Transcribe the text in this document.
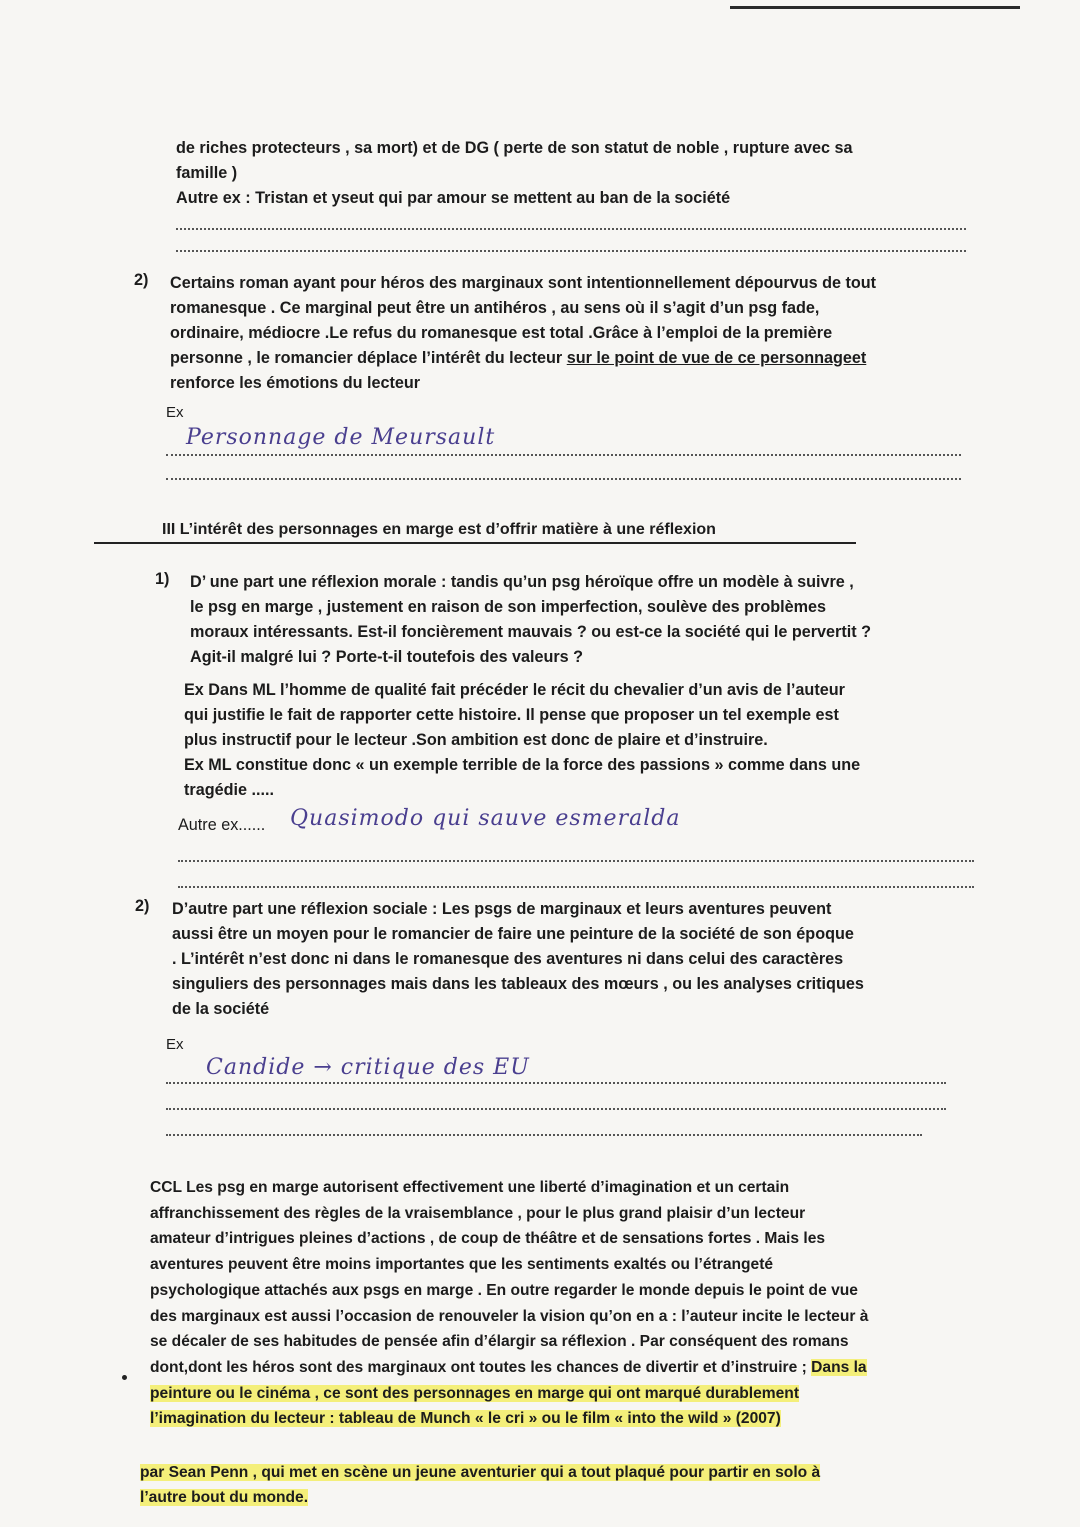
de riches protecteurs , sa mort) et de DG ( perte de son statut de noble , rupture avec sa

famille )

Autre ex : Tristan et yseut qui par amour se mettent au ban de la société

2) Certains roman ayant pour héros des marginaux sont intentionnellement dépourvus de tout

romanesque . Ce marginal peut être un antihéros , au sens où il s’agit d’un psg fade,

ordinaire, médiocre .Le refus du romanesque est total .Grâce à l’emploi de la première

personne , le romancier déplace l’intérêt du lecteur sur le point de vue de ce personnageet

renforce les émotions du lecteur

Ex
Personnage de Meursault
III L’intérêt des personnages en marge est d’offrir matière à une réflexion
1) D’ une part une réflexion morale : tandis qu’un psg héroïque offre un modèle à suivre ,

le psg en marge , justement en raison de son imperfection, soulève des problèmes

moraux intéressants. Est-il foncièrement mauvais ? ou est-ce la société qui le pervertit ?

Agit-il malgré lui ? Porte-t-il toutefois des valeurs ?

Ex Dans ML l’homme de qualité fait précéder le récit du chevalier d’un avis de l’auteur

qui justifie le fait de rapporter cette histoire. Il pense que proposer un tel exemple est

plus instructif pour le lecteur .Son ambition est donc de plaire et d’instruire.

Ex ML constitue donc « un exemple terrible de la force des passions » comme dans une

tragédie .....

Autre ex...... Quasimodo qui sauve esmeralda
2) D’autre part une réflexion sociale : Les psgs de marginaux et leurs aventures peuvent

aussi être un moyen pour le romancier de faire une peinture de la société de son époque

. L’intérêt n’est donc ni dans le romanesque des aventures ni dans celui des caractères

singuliers des personnages mais dans les tableaux des mœurs , ou les analyses critiques

de la société

Ex
Candide → critique des EU

CCL Les psg en marge autorisent effectivement une liberté d’imagination et un certain

affranchissement des règles de la vraisemblance , pour le plus grand plaisir d’un lecteur

amateur d’intrigues pleines d’actions , de coup de théâtre et de sensations fortes . Mais les

aventures peuvent être moins importantes que les sentiments exaltés ou l’étrangeté

psychologique attachés aux psgs en marge . En outre regarder le monde depuis le point de vue

des marginaux est aussi l’occasion de renouveler la vision qu’on en a : l’auteur incite le lecteur à

se décaler de ses habitudes de pensée afin d’élargir sa réflexion . Par conséquent des romans

dont,dont les héros sont des marginaux ont toutes les chances de divertir et d’instruire ; Dans la

peinture ou le cinéma , ce sont des personnages en marge qui ont marqué durablement

l’imagination du lecteur : tableau de Munch « le cri » ou le film « into the wild » (2007)

par Sean Penn , qui met en scène un jeune aventurier qui a tout plaqué pour partir en solo à

l’autre bout du monde.
